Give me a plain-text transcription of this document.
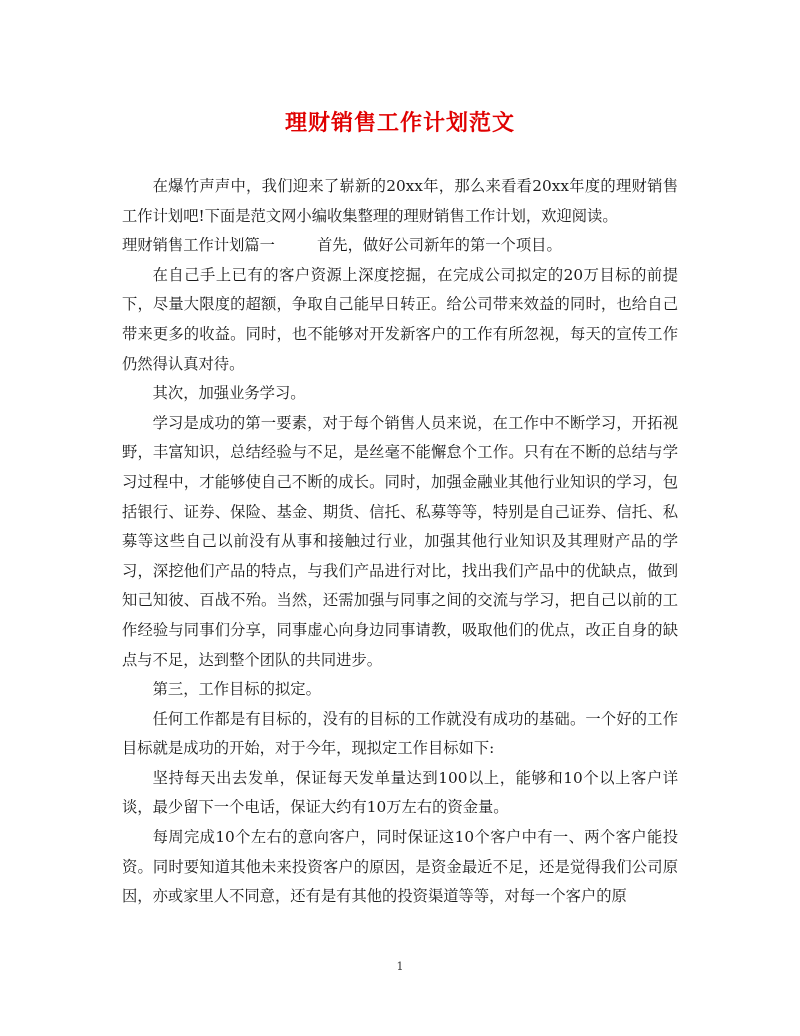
理财销售工作计划范文

在爆竹声声中，我们迎来了崭新的20xx年，那么来看看20xx年度的理财销售工作计划吧!下面是范文网小编收集整理的理财销售工作计划，欢迎阅读。

理财销售工作计划篇一	首先，做好公司新年的第一个项目。

在自己手上已有的客户资源上深度挖掘，在完成公司拟定的20万目标的前提下，尽量大限度的超额，争取自己能早日转正。给公司带来效益的同时，也给自己带来更多的收益。同时，也不能够对开发新客户的工作有所忽视，每天的宣传工作仍然得认真对待。

其次，加强业务学习。

学习是成功的第一要素，对于每个销售人员来说，在工作中不断学习，开拓视野，丰富知识，总结经验与不足，是丝毫不能懈怠个工作。只有在不断的总结与学习过程中，才能够使自己不断的成长。同时，加强金融业其他行业知识的学习，包括银行、证券、保险、基金、期货、信托、私募等等，特别是自己证券、信托、私募等这些自己以前没有从事和接触过行业，加强其他行业知识及其理财产品的学习，深挖他们产品的特点，与我们产品进行对比，找出我们产品中的优缺点，做到知己知彼、百战不殆。当然，还需加强与同事之间的交流与学习，把自己以前的工作经验与同事们分享，同事虚心向身边同事请教，吸取他们的优点，改正自身的缺点与不足，达到整个团队的共同进步。

第三，工作目标的拟定。

任何工作都是有目标的，没有的目标的工作就没有成功的基础。一个好的工作目标就是成功的开始，对于今年，现拟定工作目标如下:

坚持每天出去发单，保证每天发单量达到100以上，能够和10个以上客户详谈，最少留下一个电话，保证大约有10万左右的资金量。

每周完成10个左右的意向客户，同时保证这10个客户中有一、两个客户能投资。同时要知道其他未来投资客户的原因，是资金最近不足，还是觉得我们公司原因，亦或家里人不同意，还有是有其他的投资渠道等等，对每一个客户的原

1
